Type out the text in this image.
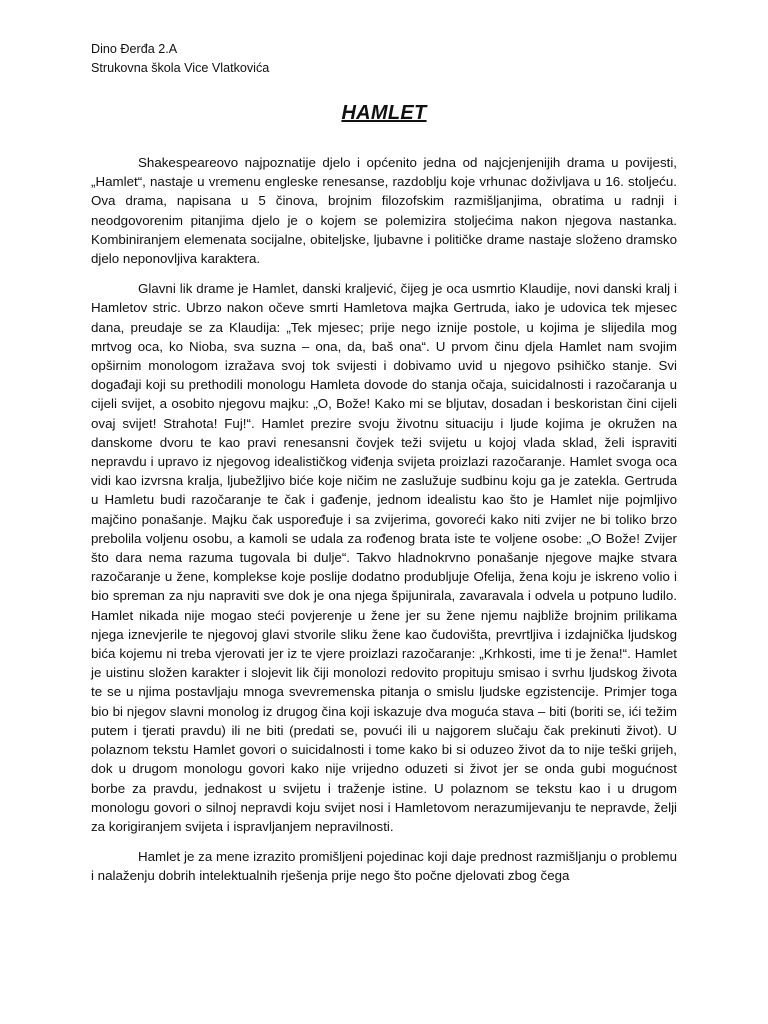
Dino Đerđa 2.A
Strukovna škola Vice Vlatkovića
HAMLET

Shakespeareovo najpoznatije djelo i općenito jedna od najcjenjenijih drama u povijesti, „Hamlet“, nastaje u vremenu engleske renesanse, razdoblju koje vrhunac doživljava u 16. stoljeću. Ova drama, napisana u 5 činova, brojnim filozofskim razmišljanjima, obratima u radnji i neodgovorenim pitanjima djelo je o kojem se polemizira stoljećima nakon njegova nastanka. Kombiniranjem elemenata socijalne, obiteljske, ljubavne i političke drame nastaje složeno dramsko djelo neponovljiva karaktera.

Glavni lik drame je Hamlet, danski kraljević, čijeg je oca usmrtio Klaudije, novi danski kralj i Hamletov stric. Ubrzo nakon očeve smrti Hamletova majka Gertruda, iako je udovica tek mjesec dana, preudaje se za Klaudija: „Tek mjesec; prije nego iznije postole, u kojima je slijedila mog mrtvog oca, ko Nioba, sva suzna – ona, da, baš ona“. U prvom činu djela Hamlet nam svojim opširnim monologom izražava svoj tok svijesti i dobivamo uvid u njegovo psihičko stanje. Svi događaji koji su prethodili monologu Hamleta dovode do stanja očaja, suicidalnosti i razočaranja u cijeli svijet, a osobito njegovu majku: „O, Bože! Kako mi se bljutav, dosadan i beskoristan čini cijeli ovaj svijet! Strahota! Fuj!“. Hamlet prezire svoju životnu situaciju i ljude kojima je okružen na danskome dvoru te kao pravi renesansni čovjek teži svijetu u kojoj vlada sklad, želi ispraviti nepravdu i upravo iz njegovog idealističkog viđenja svijeta proizlazi razočaranje. Hamlet svoga oca vidi kao izvrsna kralja, ljubežljivo biće koje ničim ne zaslužuje sudbinu koju ga je zatekla. Gertruda u Hamletu budi razočaranje te čak i gađenje, jednom idealistu kao što je Hamlet nije pojmljivo majčino ponašanje. Majku čak uspoređuje i sa zvijerima, govoreći kako niti zvijer ne bi toliko brzo prebolila voljenu osobu, a kamoli se udala za rođenog brata iste te voljene osobe: „O Bože! Zvijer što dara nema razuma tugovala bi dulje“. Takvo hladnokrvno ponašanje njegove majke stvara razočaranje u žene, komplekse koje poslije dodatno produbljuje Ofelija, žena koju je iskreno volio i bio spreman za nju napraviti sve dok je ona njega špijunirala, zavaravala i odvela u potpuno ludilo. Hamlet nikada nije mogao steći povjerenje u žene jer su žene njemu najbliže brojnim prilikama njega iznevjerile te njegovoj glavi stvorile sliku žene kao čudovišta, prevrtljiva i izdajnička ljudskog bića kojemu ni treba vjerovati jer iz te vjere proizlazi razočaranje: „Krhkosti, ime ti je žena!“. Hamlet je uistinu složen karakter i slojevit lik čiji monolozi redovito propituju smisao i svrhu ljudskog života te se u njima postavljaju mnoga svevremenska pitanja o smislu ljudske egzistencije. Primjer toga bio bi njegov slavni monolog iz drugog čina koji iskazuje dva moguća stava – biti (boriti se, ići težim putem i tjerati pravdu) ili ne biti (predati se, povući ili u najgorem slučaju čak prekinuti život). U polaznom tekstu Hamlet govori o suicidalnosti i tome kako bi si oduzeo život da to nije teški grijeh, dok u drugom monologu govori kako nije vrijedno oduzeti si život jer se onda gubi mogućnost borbe za pravdu, jednakost u svijetu i traženje istine. U polaznom se tekstu kao i u drugom monologu govori o silnoj nepravdi koju svijet nosi i Hamletovom nerazumijevanju te nepravde, želji za korigiranjem svijeta i ispravljanjem nepravilnosti.

Hamlet je za mene izrazito promišljeni pojedinac koji daje prednost razmišljanju o problemu i nalaženju dobrih intelektualnih rješenja prije nego što počne djelovati zbog čega
